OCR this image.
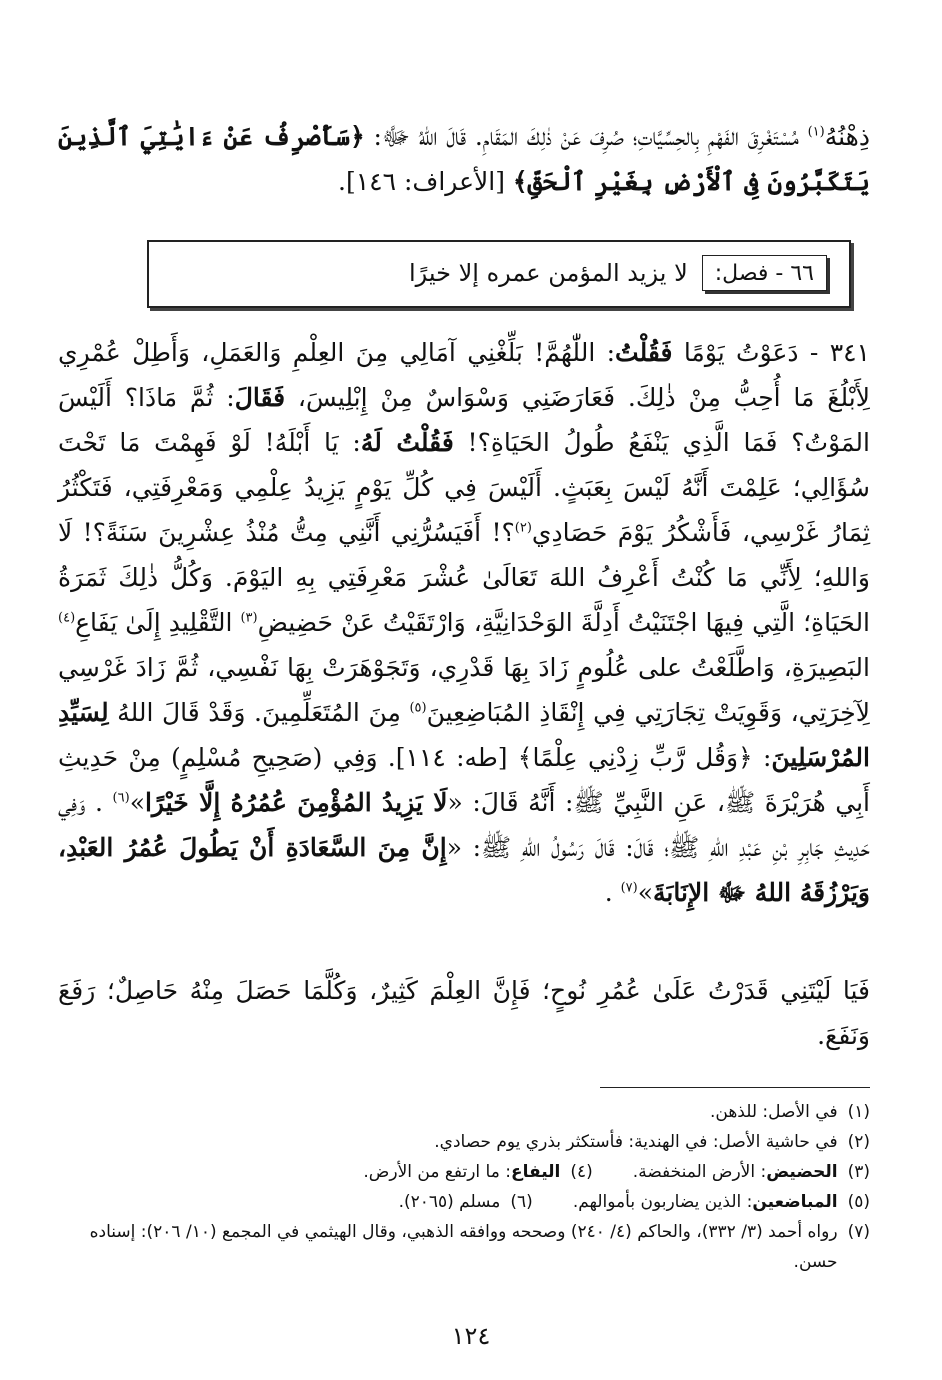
ذِهْنُهُ$^{(١)}$ مُسْتَغْرِقَ الفَهْمِ بِالحِسِّيَّاتِ؛ صُرِفَ عَنْ ذٰلِكَ المَقَامِ. قَالَ اللهُ ﷻ: ﴿سَأَصْرِفُ عَنْ ءَايَٰتِيَ ٱلَّذِينَ يَتَكَبَّرُونَ فِى ٱلْأَرْضِ بِغَيْرِ ٱلْحَقِّ﴾ [الأعراف: ١٤٦].

٦٦ - فصل:
لا يزيد المؤمن عمره إلا خيرًا

٣٤١ - دَعَوْتُ يَوْمًا فَقُلْتُ: اللّٰهُمَّ! بَلِّغْنِي آمَالِي مِنَ العِلْمِ وَالعَمَلِ، وَأَطِلْ عُمْرِي لِأَبْلُغَ مَا أُحِبُّ مِنْ ذٰلِكَ. فَعَارَضَنِي وَسْوَاسٌ مِنْ إِبْلِيسَ، فَقَالَ: ثُمَّ مَاذَا؟ أَلَيْسَ المَوْتُ؟ فَمَا الَّذِي يَنْفَعُ طُولُ الحَيَاةِ؟! فَقُلْتُ لَهُ: يَا أَبْلَهُ! لَوْ فَهِمْتَ مَا تَحْتَ سُؤَالِي؛ عَلِمْتَ أَنَّهُ لَيْسَ بِعَبَثٍ. أَلَيْسَ فِي كُلِّ يَوْمٍ يَزِيدُ عِلْمِي وَمَعْرِفَتِي، فَتَكْثُرُ ثِمَارُ غَرْسِي، فَأَشْكُرُ يَوْمَ حَصَادِي$^{(٢)}$؟! أَفَيَسُرُّنِي أَنَّنِي مِتُّ مُنْذُ عِشْرِينَ سَنَةً؟! لَا وَاللهِ؛ لِأَنِّي مَا كُنْتُ أَعْرِفُ اللهَ تَعَالَىٰ عُشْرَ مَعْرِفَتِي بِهِ اليَوْمَ. وَكُلُّ ذٰلِكَ ثَمَرَةُ الحَيَاةِ؛ الَّتِي فِيهَا اجْتَنَيْتُ أَدِلَّةَ الوَحْدَانِيَّةِ، وَارْتَقَيْتُ عَنْ حَضِيضِ$^{(٣)}$ التَّقْلِيدِ إِلَىٰ يَفَاعِ$^{(٤)}$ البَصِيرَةِ، وَاطَّلَعْتُ على عُلُومٍ زَادَ بِهَا قَدْرِي، وَتَجَوْهَرَتْ بِهَا نَفْسِي، ثُمَّ زَادَ غَرْسِي لِآخِرَتِي، وَقَوِيَتْ تِجَارَتِي فِي إِنْقَاذِ المُبَاضِعِينَ$^{(٥)}$ مِنَ المُتَعَلِّمِينَ. وَقَدْ قَالَ اللهُ لِسَيِّدِ المُرْسَلِينَ: ﴿وَقُل رَّبِّ زِدْنِي عِلْمًا﴾ [طه: ١١٤]. وَفِي (صَحِيحِ مُسْلِمٍ) مِنْ حَدِيثِ أَبِي هُرَيْرَةَ ﷺ، عَنِ النَّبِيِّ ﷺ: أَنَّهُ قَالَ: «لَا يَزِيدُ المُؤْمِنَ عُمُرُهُ إِلَّا خَيْرًا»$^{(٦)}$ . وَفِي حَدِيثِ جَابِرِ بْنِ عَبْدِ اللهِ ﷺ؛ قَالَ: قَالَ رَسُولُ اللهِ ﷺ: «إِنَّ مِنَ السَّعَادَةِ أَنْ يَطُولَ عُمُرُ العَبْدِ، وَيَرْزُقَهُ اللهُ ﷻ الإِنَابَةَ»$^{(٧)}$ .

فَيَا لَيْتَنِي قَدَرْتُ عَلَىٰ عُمُرِ نُوحٍ؛ فَإِنَّ العِلْمَ كَثِيرٌ، وَكُلَّمَا حَصَلَ مِنْهُ حَاصِلٌ؛ رَفَعَ وَنَفَعَ.

(١)
في الأصل: للذهن.
(٢)
في حاشية الأصل: في الهندية: فأستكثر بذري يوم حصادي.
(٣)الحضيض: الأرض المنخفضة.
(٤)اليفاع: ما ارتفع من الأرض.
(٥)المباضعين: الذين يضاربون بأموالهم.
(٦)مسلم (٢٠٦٥).
(٧)
رواه أحمد (٣/ ٣٣٢)، والحاكم (٤/ ٢٤٠) وصححه ووافقه الذهبي، وقال الهيثمي في المجمع (١٠/ ٢٠٦): إسناده حسن.
١٢٤
